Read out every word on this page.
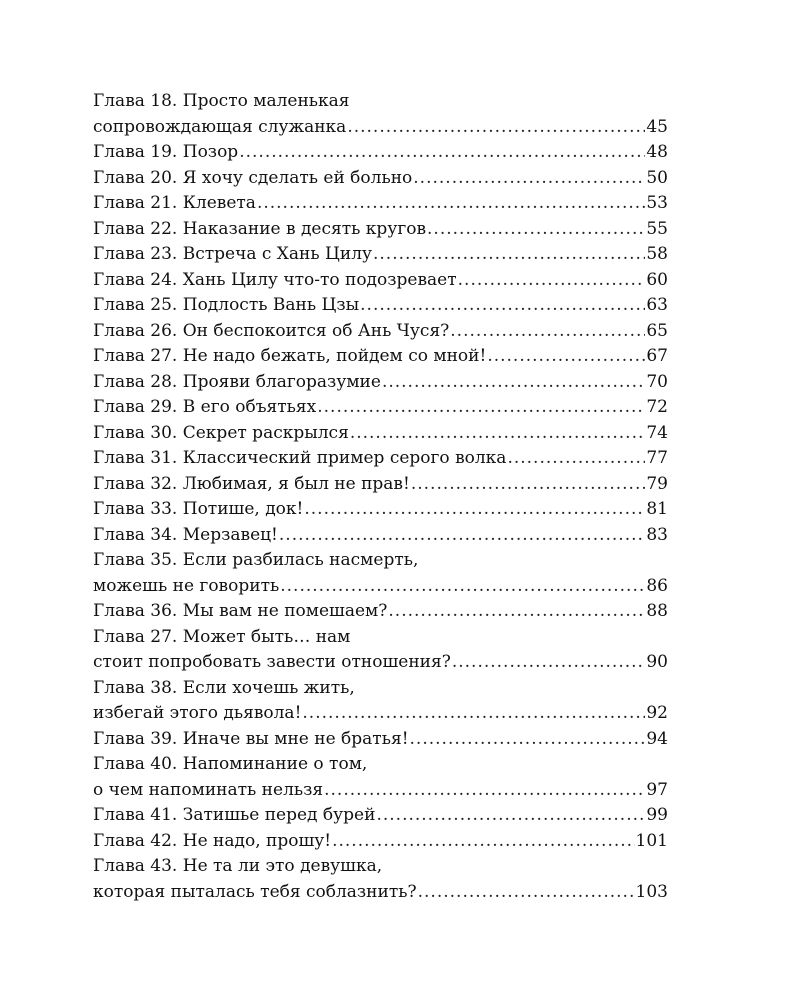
Глава 18. Просто маленькая
сопровождающая служанка .....	45
Глава 19. Позор .....	48
Глава 20. Я хочу сделать ей больно .....	50
Глава 21. Клевета .....	53
Глава 22. Наказание в десять кругов .....	55
Глава 23. Встреча с Хань Цилу .....	58
Глава 24. Хань Цилу что-то подозревает .....	60
Глава 25. Подлость Вань Цзы .....	63
Глава 26. Он беспокоится об Ань Чуся? .....	65
Глава 27. Не надо бежать, пойдем со мной! .....	67
Глава 28. Прояви благоразумие .....	70
Глава 29. В его объятьях .....	72
Глава 30. Секрет раскрылся .....	74
Глава 31. Классический пример серого волка .....	77
Глава 32. Любимая, я был не прав! .....	79
Глава 33. Потише, док! .....	81
Глава 34. Мерзавец! .....	83
Глава 35. Если разбилась насмерть,
можешь не говорить .....	86
Глава 36. Мы вам не помешаем? .....	88
Глава 27. Может быть… нам
стоит попробовать завести отношения? .....	90
Глава 38. Если хочешь жить,
избегай этого дьявола! .....	92
Глава 39. Иначе вы мне не братья! .....	94
Глава 40. Напоминание о том,
о чем напоминать нельзя .....	97
Глава 41. Затишье перед бурей .....	99
Глава 42. Не надо, прошу! .....	101
Глава 43. Не та ли это девушка,
которая пыталась тебя соблазнить? .....	103
